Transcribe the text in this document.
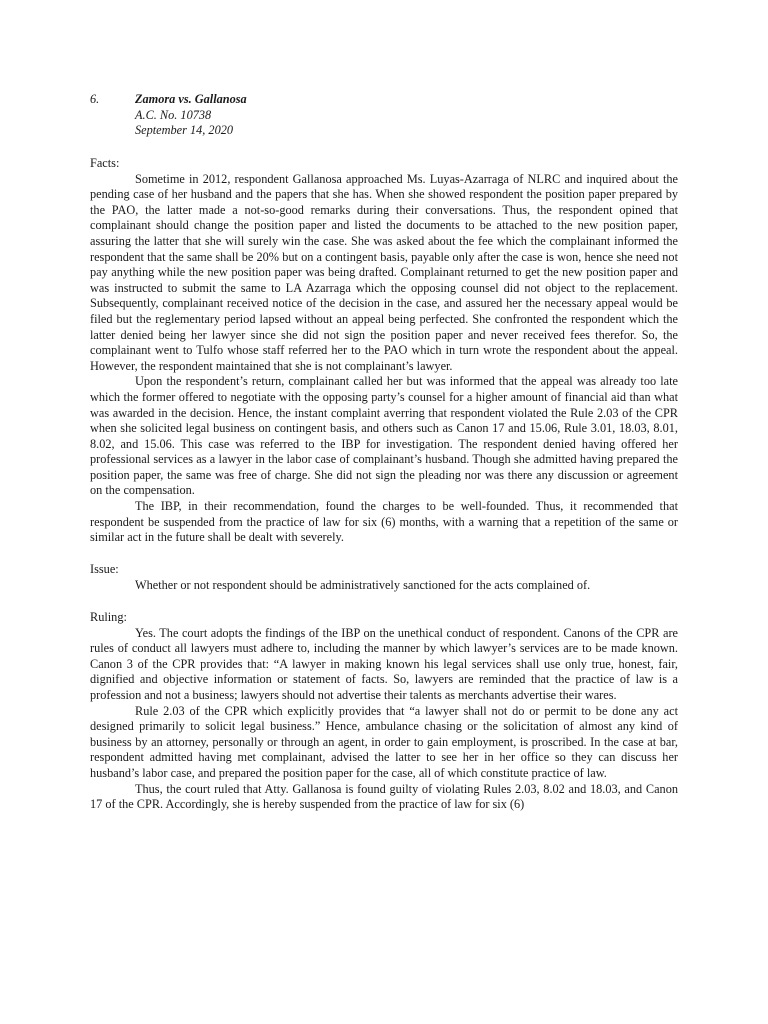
6.	Zamora vs. Gallanosa
A.C. No. 10738
September 14, 2020
Facts:

Sometime in 2012, respondent Gallanosa approached Ms. Luyas-Azarraga of NLRC and inquired about the pending case of her husband and the papers that she has. When she showed respondent the position paper prepared by the PAO, the latter made a not-so-good remarks during their conversations. Thus, the respondent opined that complainant should change the position paper and listed the documents to be attached to the new position paper, assuring the latter that she will surely win the case. She was asked about the fee which the complainant informed the respondent that the same shall be 20% but on a contingent basis, payable only after the case is won, hence she need not pay anything while the new position paper was being drafted. Complainant returned to get the new position paper and was instructed to submit the same to LA Azarraga which the opposing counsel did not object to the replacement. Subsequently, complainant received notice of the decision in the case, and assured her the necessary appeal would be filed but the reglementary period lapsed without an appeal being perfected. She confronted the respondent which the latter denied being her lawyer since she did not sign the position paper and never received fees therefor. So, the complainant went to Tulfo whose staff referred her to the PAO which in turn wrote the respondent about the appeal. However, the respondent maintained that she is not complainant’s lawyer.

Upon the respondent’s return, complainant called her but was informed that the appeal was already too late which the former offered to negotiate with the opposing party’s counsel for a higher amount of financial aid than what was awarded in the decision. Hence, the instant complaint averring that respondent violated the Rule 2.03 of the CPR when she solicited legal business on contingent basis, and others such as Canon 17 and 15.06, Rule 3.01, 18.03, 8.01, 8.02, and 15.06. This case was referred to the IBP for investigation. The respondent denied having offered her professional services as a lawyer in the labor case of complainant’s husband. Though she admitted having prepared the position paper, the same was free of charge. She did not sign the pleading nor was there any discussion or agreement on the compensation.

The IBP, in their recommendation, found the charges to be well-founded. Thus, it recommended that respondent be suspended from the practice of law for six (6) months, with a warning that a repetition of the same or similar act in the future shall be dealt with severely.

Issue:
Whether or not respondent should be administratively sanctioned for the acts complained of.
Ruling:

Yes. The court adopts the findings of the IBP on the unethical conduct of respondent. Canons of the CPR are rules of conduct all lawyers must adhere to, including the manner by which lawyer’s services are to be made known. Canon 3 of the CPR provides that: “A lawyer in making known his legal services shall use only true, honest, fair, dignified and objective information or statement of facts. So, lawyers are reminded that the practice of law is a profession and not a business; lawyers should not advertise their talents as merchants advertise their wares.

Rule 2.03 of the CPR which explicitly provides that “a lawyer shall not do or permit to be done any act designed primarily to solicit legal business.” Hence, ambulance chasing or the solicitation of almost any kind of business by an attorney, personally or through an agent, in order to gain employment, is proscribed. In the case at bar, respondent admitted having met complainant, advised the latter to see her in her office so they can discuss her husband’s labor case, and prepared the position paper for the case, all of which constitute practice of law.

Thus, the court ruled that Atty. Gallanosa is found guilty of violating Rules 2.03, 8.02 and 18.03, and Canon 17 of the CPR. Accordingly, she is hereby suspended from the practice of law for six (6)
